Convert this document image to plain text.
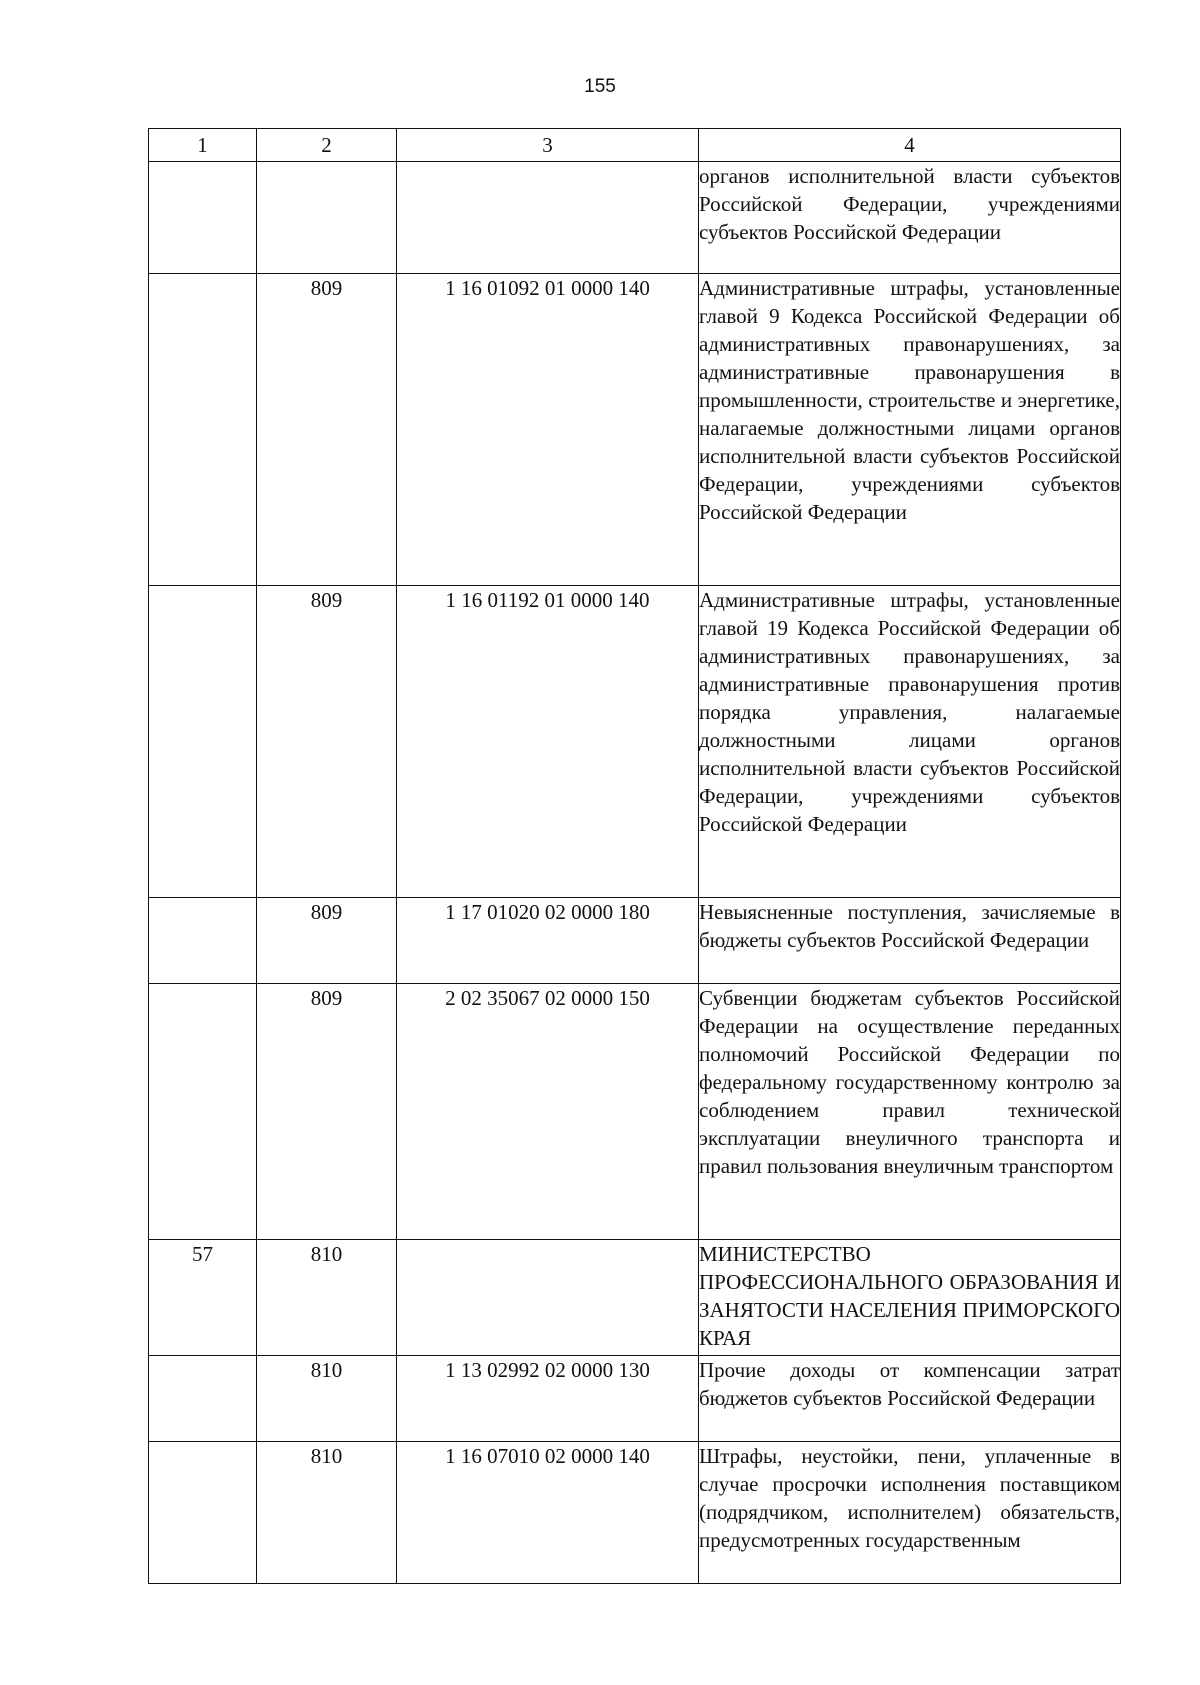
155
1	2	3	4
			органов исполнительной власти субъектов Российской Федерации, учреждениями субъектов Российской Федерации
	809	1 16 01092 01 0000 140	Административные штрафы, установленные главой 9 Кодекса Российской Федерации об административных правонарушениях, за административные правонарушения в промышленности, строительстве и энергетике, налагаемые должностными лицами органов исполнительной власти субъектов Российской Федерации, учреждениями субъектов Российской Федерации
	809	1 16 01192 01 0000 140	Административные штрафы, установленные главой 19 Кодекса Российской Федерации об административных правонарушениях, за административные правонарушения против порядка управления, налагаемые должностными лицами органов исполнительной власти субъектов Российской Федерации, учреждениями субъектов Российской Федерации
	809	1 17 01020 02 0000 180	Невыясненные поступления, зачисляемые в бюджеты субъектов Российской Федерации
	809	2 02 35067 02 0000 150	Субвенции бюджетам субъектов Российской Федерации на осуществление переданных полномочий Российской Федерации по федеральному государственному контролю за соблюдением правил технической эксплуатации внеуличного транспорта и правил пользования внеуличным транспортом
57	810		МИНИСТЕРСТВО ПРОФЕССИОНАЛЬНОГО ОБРАЗОВАНИЯ И ЗАНЯТОСТИ НАСЕЛЕНИЯ ПРИМОРСКОГО КРАЯ
	810	1 13 02992 02 0000 130	Прочие доходы от компенсации затрат бюджетов субъектов Российской Федерации
	810	1 16 07010 02 0000 140	Штрафы, неустойки, пени, уплаченные в случае просрочки исполнения поставщиком (подрядчиком, исполнителем) обязательств, предусмотренных государственным
